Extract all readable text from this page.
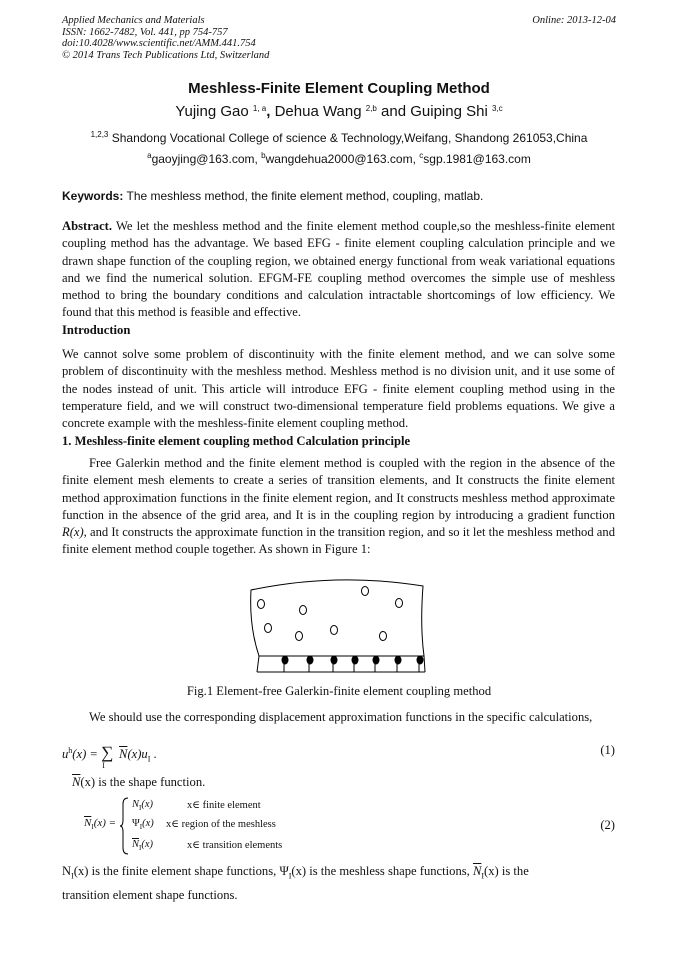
Applied Mechanics and Materials
ISSN: 1662-7482, Vol. 441, pp 754-757
doi:10.4028/www.scientific.net/AMM.441.754
© 2014 Trans Tech Publications Ltd, Switzerland
Online: 2013-12-04
Meshless-Finite Element Coupling Method
Yujing Gao $^{1, a}$, Dehua Wang $^{2,b}$ and Guiping Shi $^{3,c}$
$^{1,2,3}$ Shandong Vocational College of science & Technology,Weifang, Shandong 261053,China
$^a$gaoyjing@163.com, $^b$wangdehua2000@163.com, $^c$sgp.1981@163.com
Keywords: The meshless method, the finite element method, coupling, matlab.
Abstract. We let the meshless method and the finite element method couple,so the meshless-finite element coupling method has the advantage. We based EFG - finite element coupling calculation principle and we drawn shape function of the coupling region, we obtained energy functional from weak variational equations and we find the numerical solution. EFGM-FE coupling method overcomes the simple use of meshless method to bring the boundary conditions and calculation intractable shortcomings of low efficiency. We found that this method is feasible and effective.
Introduction
We cannot solve some problem of discontinuity with the finite element method, and we can solve some problem of discontinuity with the meshless method. Meshless method is no division unit, and it use some of the nodes instead of unit. This article will introduce EFG - finite element coupling method using in the temperature field, and we will construct two-dimensional temperature field problems equations. We give a concrete example with the meshless-finite element coupling method.
1. Meshless-finite element coupling method Calculation principle
Free Galerkin method and the finite element method is coupled with the region in the absence of the finite element mesh elements to create a series of transition elements, and It constructs the finite element method approximation functions in the finite element region, and It constructs meshless method approximate function in the absence of the grid area, and It is in the coupling region by introducing a gradient function R(x), and It constructs the approximate function in the transition region, and so it let the meshless method and finite element method couple together. As shown in Figure 1:
Fig.1 Element-free Galerkin-finite element coupling method
We should use the corresponding displacement approximation functions in the specific calculations,
$u^h(x) = \sum_I$ $\overline{N}(x)u_I$ .	(1)
$\overline{N}(x)$ is the shape function.
$\overline{N}_I(x)$ =
$N_I(x)$	x∈ finite element
$\Psi_I(x)$ x∈ region of the meshless
$\overline{N}_I(x)$	x∈ transition elements
(2)
$N_I(x)$ is the finite element shape functions, $\Psi_I(x)$ is the meshless shape functions, $\overline{N}_I(x)$ is the
transition element shape functions.
